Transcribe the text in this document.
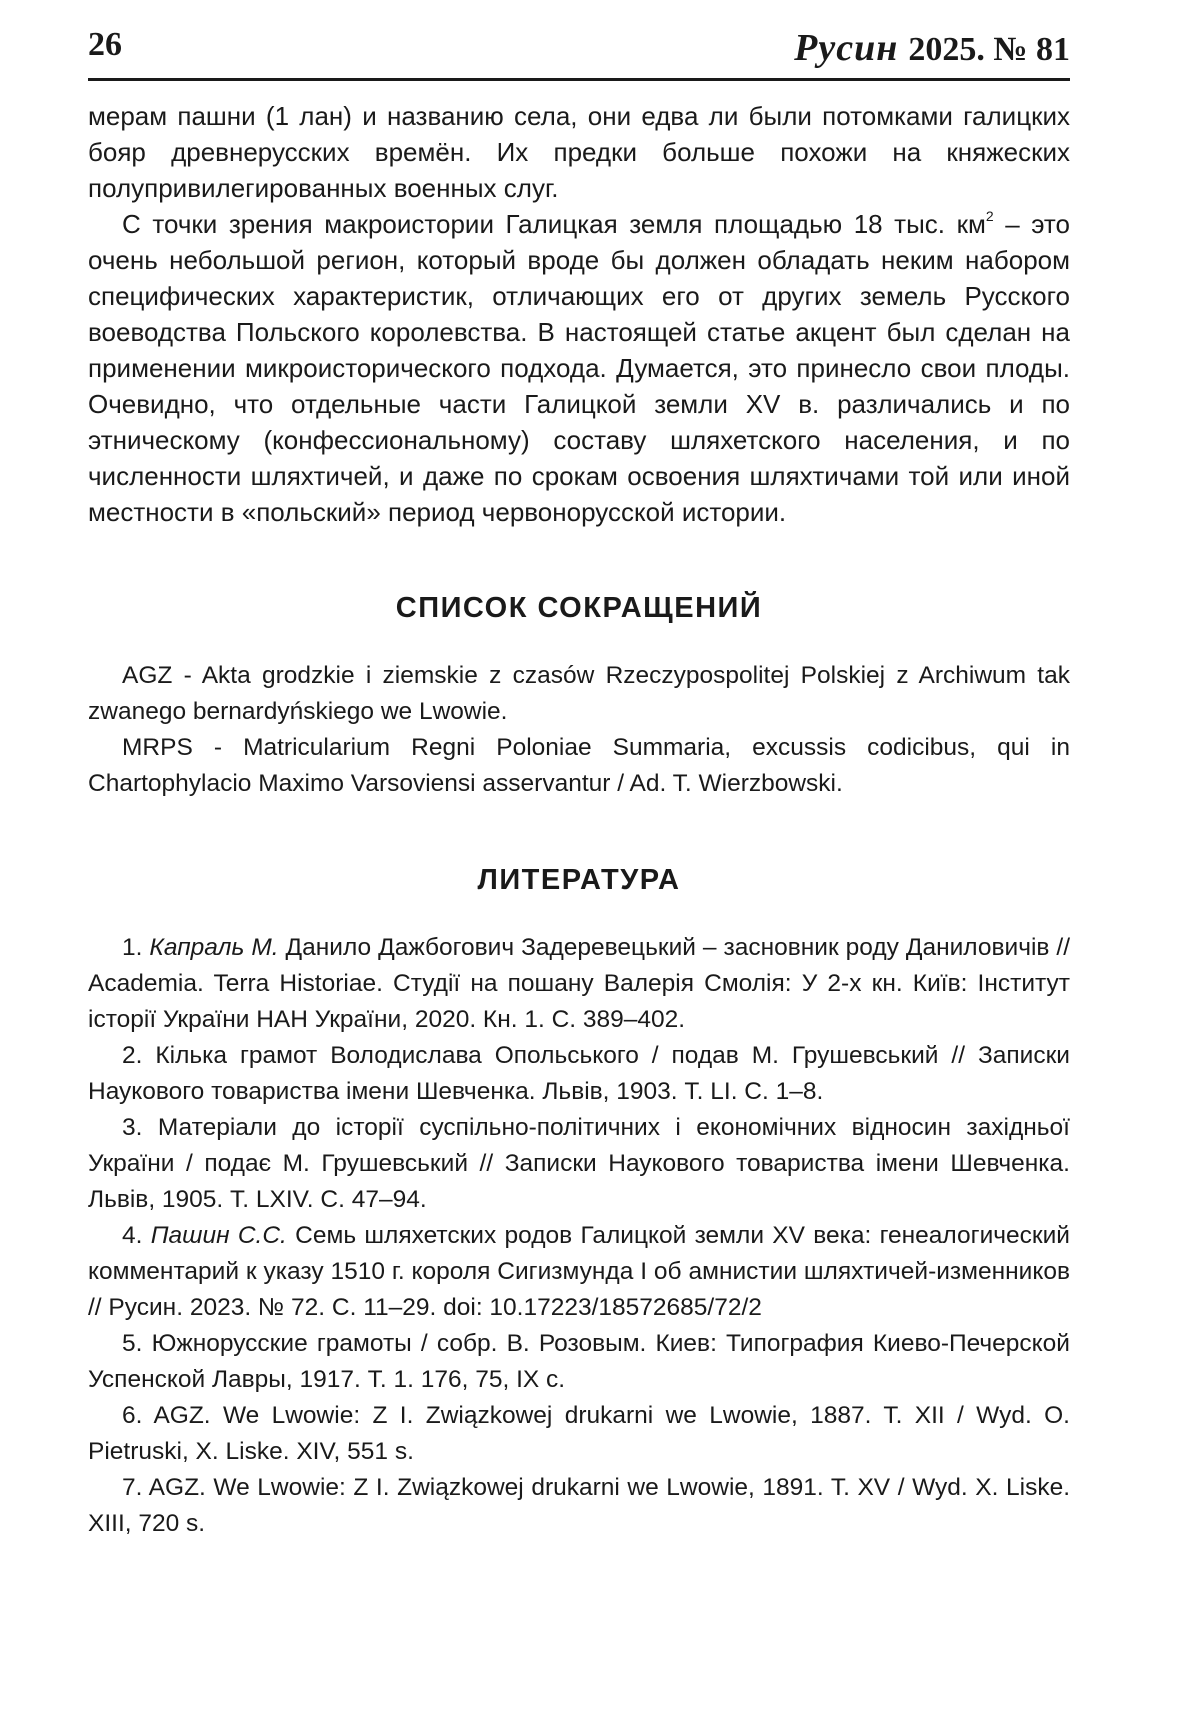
26	Русин 2025. № 81

мерам пашни (1 лан) и названию села, они едва ли были потомками галицких бояр древнерусских времён. Их предки больше похожи на княжеских полупривилегированных военных слуг.

С точки зрения макроистории Галицкая земля площадью 18 тыс. $км^2$ – это очень небольшой регион, который вроде бы должен обладать неким набором специфических характеристик, отличающих его от других земель Русского воеводства Польского королевства. В настоящей статье акцент был сделан на применении микроисторического подхода. Думается, это принесло свои плоды. Очевидно, что отдельные части Галицкой земли XV в. различались и по этническому (конфессиональному) составу шляхетского населения, и по численности шляхтичей, и даже по срокам освоения шляхтичами той или иной местности в «польский» период червонорусской истории.

СПИСОК СОКРАЩЕНИЙ

AGZ - Akta grodzkie i ziemskie z czasów Rzeczypospolitej Polskiej z Archiwum tak zwanego bernardyńskiego we Lwowie.

MRPS - Matricularium Regni Poloniae Summaria, excussis codicibus, qui in Chartophylacio Maximo Varsoviensi asservantur / Ad. T. Wierzbowski.

ЛИТЕРАТУРА

1. Капраль М. Данило Дажбогович Задеревецький – засновник роду Даниловичів // Academia. Terra Historiae. Студії на пошану Валерія Смолія: У 2-х кн. Київ: Інститут історії України НАН України, 2020. Кн. 1. С. 389–402.

2. Кілька грамот Володислава Опольського / подав М. Грушевський // Записки Наукового товариства імени Шевченка. Львів, 1903. Т. LI. С. 1–8.

3. Матеріали до історії суспільно-політичних і економічних відносин західньої України / подає М. Грушевський // Записки Наукового товариства імени Шевченка. Львів, 1905. Т. LXIV. С. 47–94.

4. Пашин С.С. Семь шляхетских родов Галицкой земли XV века: генеалогический комментарий к указу 1510 г. короля Сигизмунда I об амнистии шляхтичей-изменников // Русин. 2023. № 72. С. 11–29. doi: 10.17223/18572685/72/2

5. Южнорусские грамоты / собр. В. Розовым. Киев: Типография Киево-Печерской Успенской Лавры, 1917. Т. 1. 176, 75, IX с.

6. AGZ. We Lwowie: Z I. Związkowej drukarni we Lwowie, 1887. T. XII / Wyd. O. Pietruski, X. Liske. XIV, 551 s.

7. AGZ. We Lwowie: Z I. Związkowej drukarni we Lwowie, 1891. T. XV / Wyd. X. Liske. XIII, 720 s.
